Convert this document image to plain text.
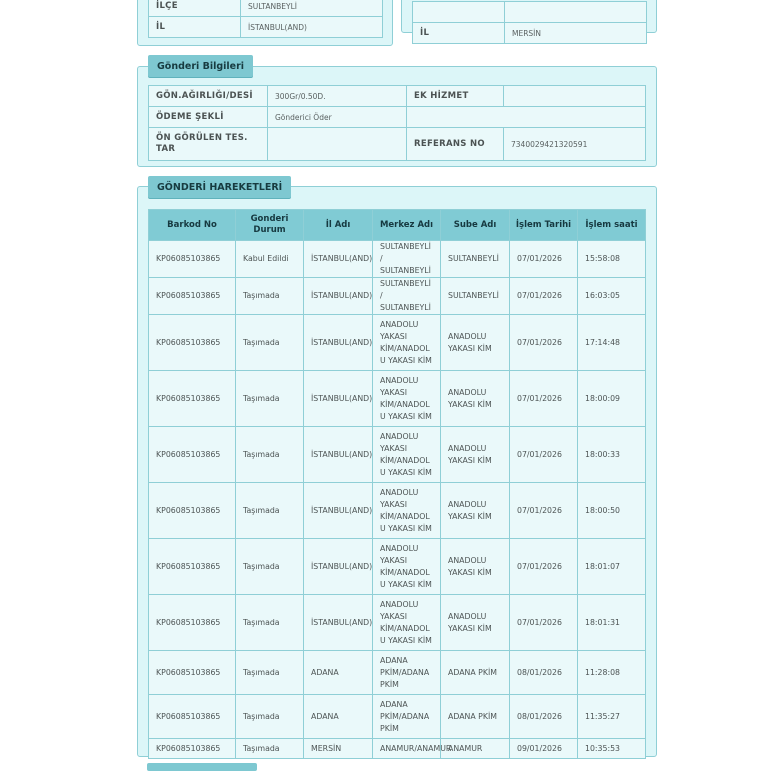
İLÇE	SULTANBEYLİ
İL	İSTANBUL(AND)

İL	MERSİN
Gönderi Bilgileri
GÖN.AĞIRLIĞI/DESİ	300Gr/0.50D.	EK HİZMET	
ÖDEME ŞEKLİ	Gönderici Öder		
ÖN GÖRÜLEN TES. TAR		REFERANS NO	7340029421320591
GÖNDERİ HAREKETLERİ
Barkod No	Gonderi Durum	İl Adı	Merkez Adı	Sube Adı	İşlem Tarihi	İşlem saati
KP06085103865	Kabul Edildi	İSTANBUL(AND)	SULTANBEYLİ/ SULTANBEYLİ	SULTANBEYLİ	07/01/2026	15:58:08
KP06085103865	Taşımada	İSTANBUL(AND)	SULTANBEYLİ/ SULTANBEYLİ	SULTANBEYLİ	07/01/2026	16:03:05
KP06085103865	Taşımada	İSTANBUL(AND)	ANADOLU YAKASI KİM/ANADOLU YAKASI KİM	ANADOLU YAKASI KİM	07/01/2026	17:14:48
KP06085103865	Taşımada	İSTANBUL(AND)	ANADOLU YAKASI KİM/ANADOLU YAKASI KİM	ANADOLU YAKASI KİM	07/01/2026	18:00:09
KP06085103865	Taşımada	İSTANBUL(AND)	ANADOLU YAKASI KİM/ANADOLU YAKASI KİM	ANADOLU YAKASI KİM	07/01/2026	18:00:33
KP06085103865	Taşımada	İSTANBUL(AND)	ANADOLU YAKASI KİM/ANADOLU YAKASI KİM	ANADOLU YAKASI KİM	07/01/2026	18:00:50
KP06085103865	Taşımada	İSTANBUL(AND)	ANADOLU YAKASI KİM/ANADOLU YAKASI KİM	ANADOLU YAKASI KİM	07/01/2026	18:01:07
KP06085103865	Taşımada	İSTANBUL(AND)	ANADOLU YAKASI KİM/ANADOLU YAKASI KİM	ANADOLU YAKASI KİM	07/01/2026	18:01:31
KP06085103865	Taşımada	ADANA	ADANA PKİM/ADANA PKİM	ADANA PKİM	08/01/2026	11:28:08
KP06085103865	Taşımada	ADANA	ADANA PKİM/ADANA PKİM	ADANA PKİM	08/01/2026	11:35:27
KP06085103865	Taşımada	MERSİN	ANAMUR/ANAMUR	ANAMUR	09/01/2026	10:35:53
